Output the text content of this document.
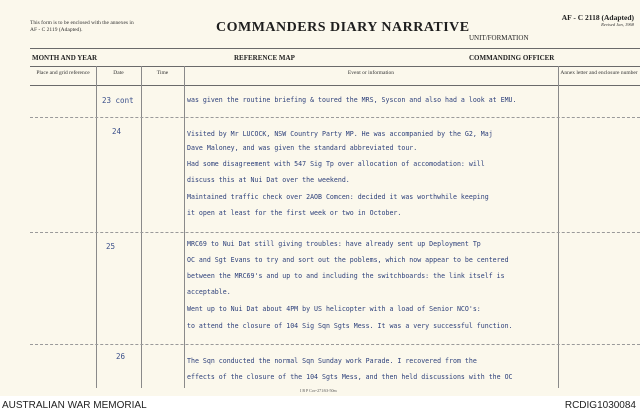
This form is to be enclosed with the annexes in AF - C 2119 (Adapted).	COMMANDERS DIARY NARRATIVE
AF - C 2118 (Adapted)
Revised Jan, 1968
UNIT/FORMATION
MONTH AND YEAR	REFERENCE MAP	COMMANDING OFFICER
Place and grid reference	Date	Time	Event or information	Annex letter and enclosure number
23 cont	was given the routine briefing & toured the MRS, Syscon and also had a look at EMU.
24	Visited by Mr LUCOCK, NSW Country Party MP. He was accompanied by the G2, Maj
Dave Maloney, and was given the standard abbreviated tour.
Had some disagreement with 547 Sig Tp over allocation of accomodation: will
discuss this at Nui Dat over the weekend.
Maintained traffic check over 2AOB Comcen: decided it was worthwhile keeping
it open at least for the first week or two in October.
25	MRC69 to Nui Dat still giving troubles: have already sent up Deployment Tp
OC and Sgt Evans to try and sort out the poblems, which now appear to be centered
between the MRC69's and up to and including the switchboards: the link itself is
acceptable.
Went up to Nui Dat about 4PM by US helicopter with a load of Senior NCO's:
to attend the closure of 104 Sig Sqn Sgts Mess. It was a very successful function.
26	The Sqn conducted the normal Sqn Sunday work Parade. I recovered from the
effects of the closure of the 104 Sgts Mess, and then held discussions with the OC
I B P Cov-271/63-50m
AUSTRALIAN WAR MEMORIAL	RCDIG1030084
